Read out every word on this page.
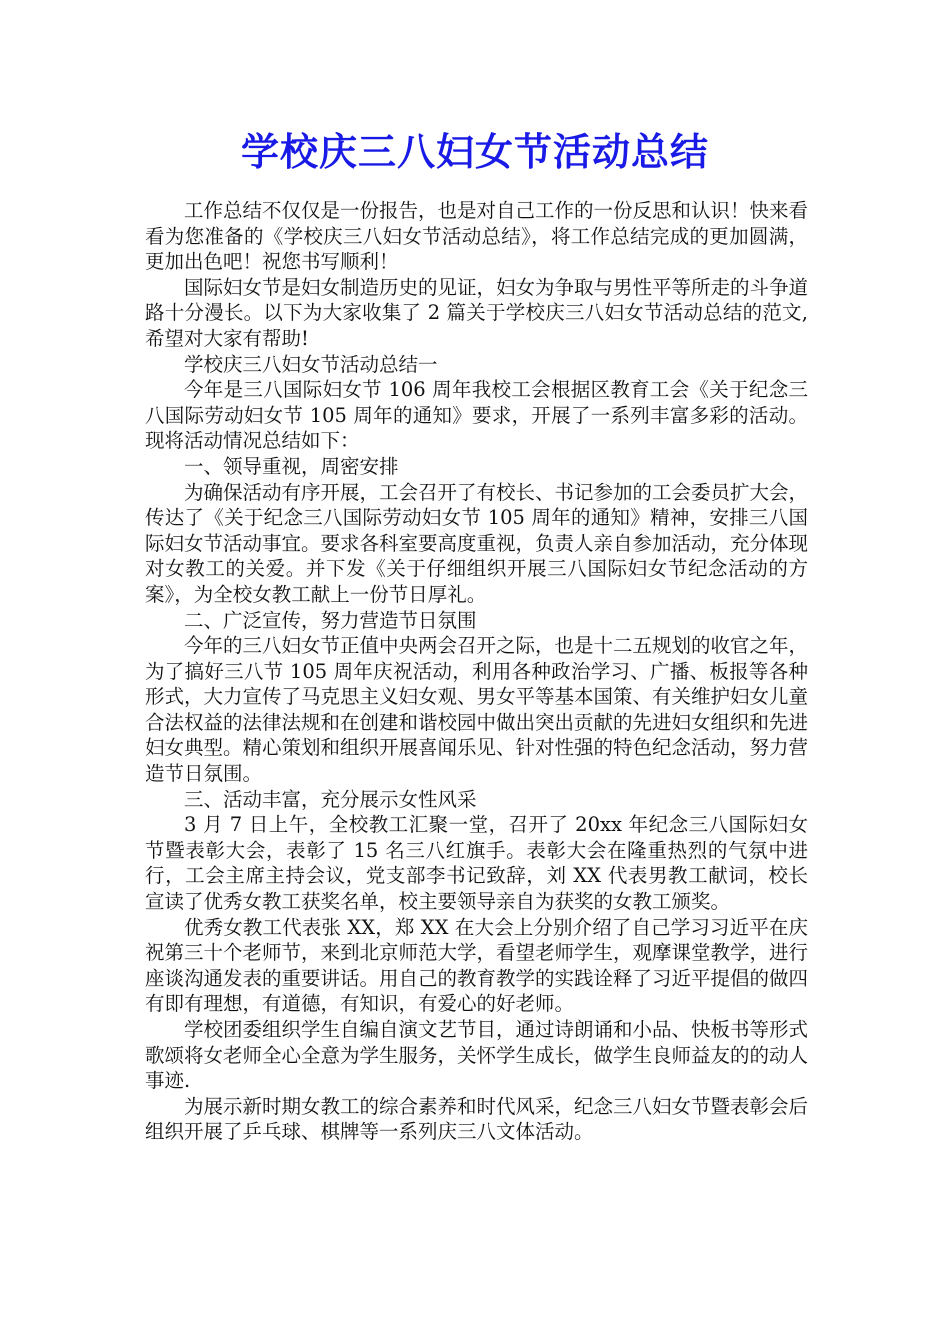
学校庆三八妇女节活动总结

工作总结不仅仅是一份报告，也是对自己工作的一份反思和认识！快来看看为您准备的《学校庆三八妇女节活动总结》，将工作总结完成的更加圆满，更加出色吧！祝您书写顺利！

国际妇女节是妇女制造历史的见证，妇女为争取与男性平等所走的斗争道路十分漫长。以下为大家收集了 2 篇关于学校庆三八妇女节活动总结的范文,希望对大家有帮助!

学校庆三八妇女节活动总结一

今年是三八国际妇女节 106 周年我校工会根据区教育工会《关于纪念三八国际劳动妇女节 105 周年的通知》要求，开展了一系列丰富多彩的活动。现将活动情况总结如下：

一、领导重视，周密安排

为确保活动有序开展，工会召开了有校长、书记参加的工会委员扩大会，传达了《关于纪念三八国际劳动妇女节 105 周年的通知》精神，安排三八国际妇女节活动事宜。要求各科室要高度重视，负责人亲自参加活动，充分体现对女教工的关爱。并下发《关于仔细组织开展三八国际妇女节纪念活动的方案》，为全校女教工献上一份节日厚礼。

二、广泛宣传，努力营造节日氛围

今年的三八妇女节正值中央两会召开之际，也是十二五规划的收官之年，为了搞好三八节 105 周年庆祝活动，利用各种政治学习、广播、板报等各种形式，大力宣传了马克思主义妇女观、男女平等基本国策、有关维护妇女儿童合法权益的法律法规和在创建和谐校园中做出突出贡献的先进妇女组织和先进妇女典型。精心策划和组织开展喜闻乐见、针对性强的特色纪念活动，努力营造节日氛围。

三、活动丰富，充分展示女性风采

3 月 7 日上午，全校教工汇聚一堂，召开了 20xx 年纪念三八国际妇女节暨表彰大会，表彰了 15 名三八红旗手。表彰大会在隆重热烈的气氛中进行，工会主席主持会议，党支部李书记致辞，刘 XX 代表男教工献词，校长宣读了优秀女教工获奖名单，校主要领导亲自为获奖的女教工颁奖。

优秀女教工代表张 XX，郑 XX 在大会上分别介绍了自己学习习近平在庆祝第三十个老师节，来到北京师范大学，看望老师学生，观摩课堂教学，进行座谈沟通发表的重要讲话。用自己的教育教学的实践诠释了习近平提倡的做四有即有理想，有道德，有知识，有爱心的好老师。

学校团委组织学生自编自演文艺节目，通过诗朗诵和小品、快板书等形式歌颂将女老师全心全意为学生服务，关怀学生成长，做学生良师益友的的动人事迹.

为展示新时期女教工的综合素养和时代风采，纪念三八妇女节暨表彰会后组织开展了乒乓球、棋牌等一系列庆三八文体活动。
